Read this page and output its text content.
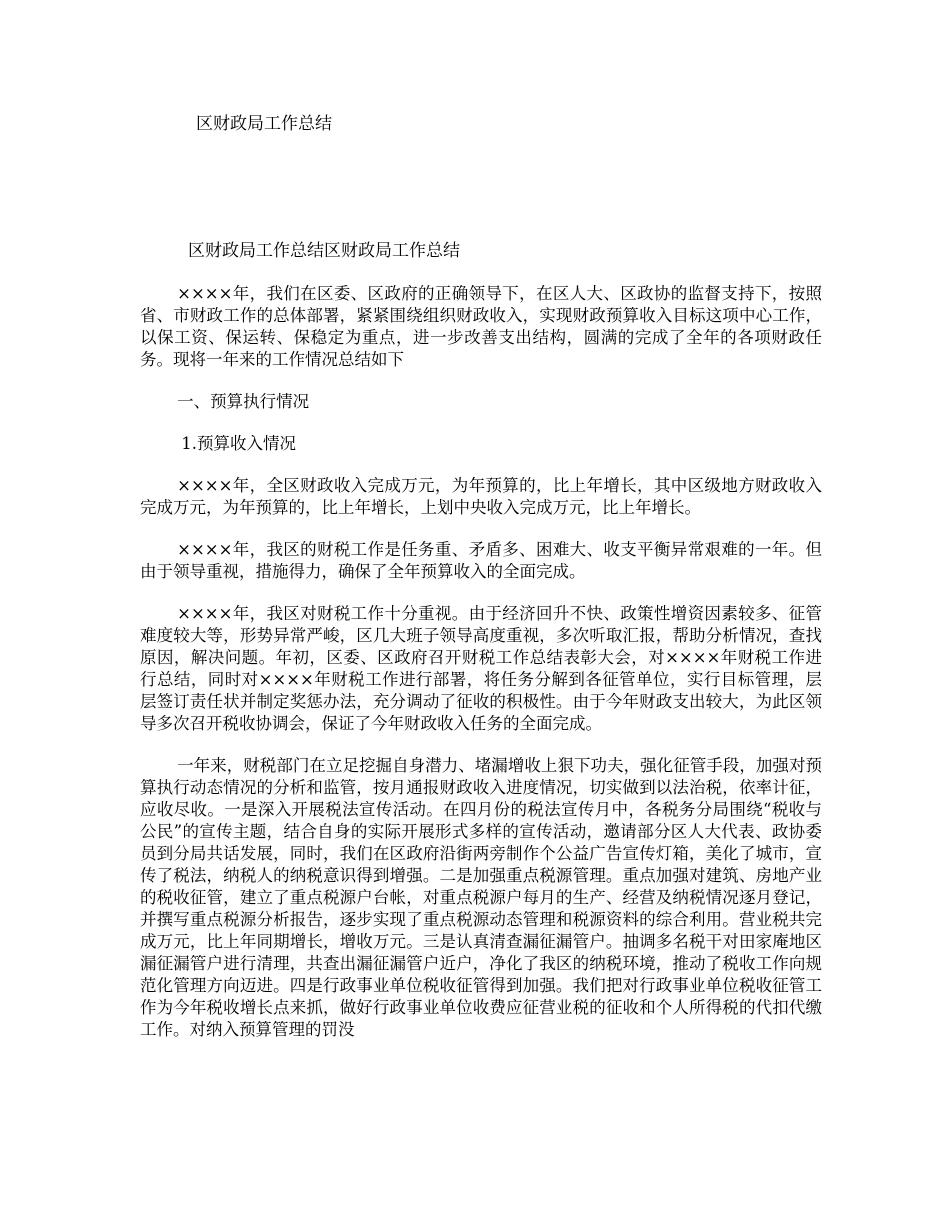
区财政局工作总结
区财政局工作总结区财政局工作总结

××××年，我们在区委、区政府的正确领导下，在区人大、区政协的监督支持下，按照省、市财政工作的总体部署，紧紧围绕组织财政收入，实现财政预算收入目标这项中心工作，以保工资、保运转、保稳定为重点，进一步改善支出结构，圆满的完成了全年的各项财政任务。现将一年来的工作情况总结如下

一、预算执行情况

1.预算收入情况

××××年，全区财政收入完成万元，为年预算的，比上年增长，其中区级地方财政收入完成万元，为年预算的，比上年增长，上划中央收入完成万元，比上年增长。

××××年，我区的财税工作是任务重、矛盾多、困难大、收支平衡异常艰难的一年。但由于领导重视，措施得力，确保了全年预算收入的全面完成。

××××年，我区对财税工作十分重视。由于经济回升不快、政策性增资因素较多、征管难度较大等，形势异常严峻，区几大班子领导高度重视，多次听取汇报，帮助分析情况，查找原因，解决问题。年初，区委、区政府召开财税工作总结表彰大会，对××××年财税工作进行总结，同时对××××年财税工作进行部署，将任务分解到各征管单位，实行目标管理，层层签订责任状并制定奖惩办法，充分调动了征收的积极性。由于今年财政支出较大，为此区领导多次召开税收协调会，保证了今年财政收入任务的全面完成。

一年来，财税部门在立足挖掘自身潜力、堵漏增收上狠下功夫，强化征管手段，加强对预算执行动态情况的分析和监管，按月通报财政收入进度情况，切实做到以法治税，依率计征，应收尽收。一是深入开展税法宣传活动。在四月份的税法宣传月中，各税务分局围绕“税收与公民”的宣传主题，结合自身的实际开展形式多样的宣传活动，邀请部分区人大代表、政协委员到分局共话发展，同时，我们在区政府沿街两旁制作个公益广告宣传灯箱，美化了城市，宣传了税法，纳税人的纳税意识得到增强。二是加强重点税源管理。重点加强对建筑、房地产业的税收征管，建立了重点税源户台帐，对重点税源户每月的生产、经营及纳税情况逐月登记，并撰写重点税源分析报告，逐步实现了重点税源动态管理和税源资料的综合利用。营业税共完成万元，比上年同期增长，增收万元。三是认真清查漏征漏管户。抽调多名税干对田家庵地区漏征漏管户进行清理，共查出漏征漏管户近户，净化了我区的纳税环境，推动了税收工作向规范化管理方向迈进。四是行政事业单位税收征管得到加强。我们把对行政事业单位税收征管工作为今年税收增长点来抓，做好行政事业单位收费应征营业税的征收和个人所得税的代扣代缴工作。对纳入预算管理的罚没
